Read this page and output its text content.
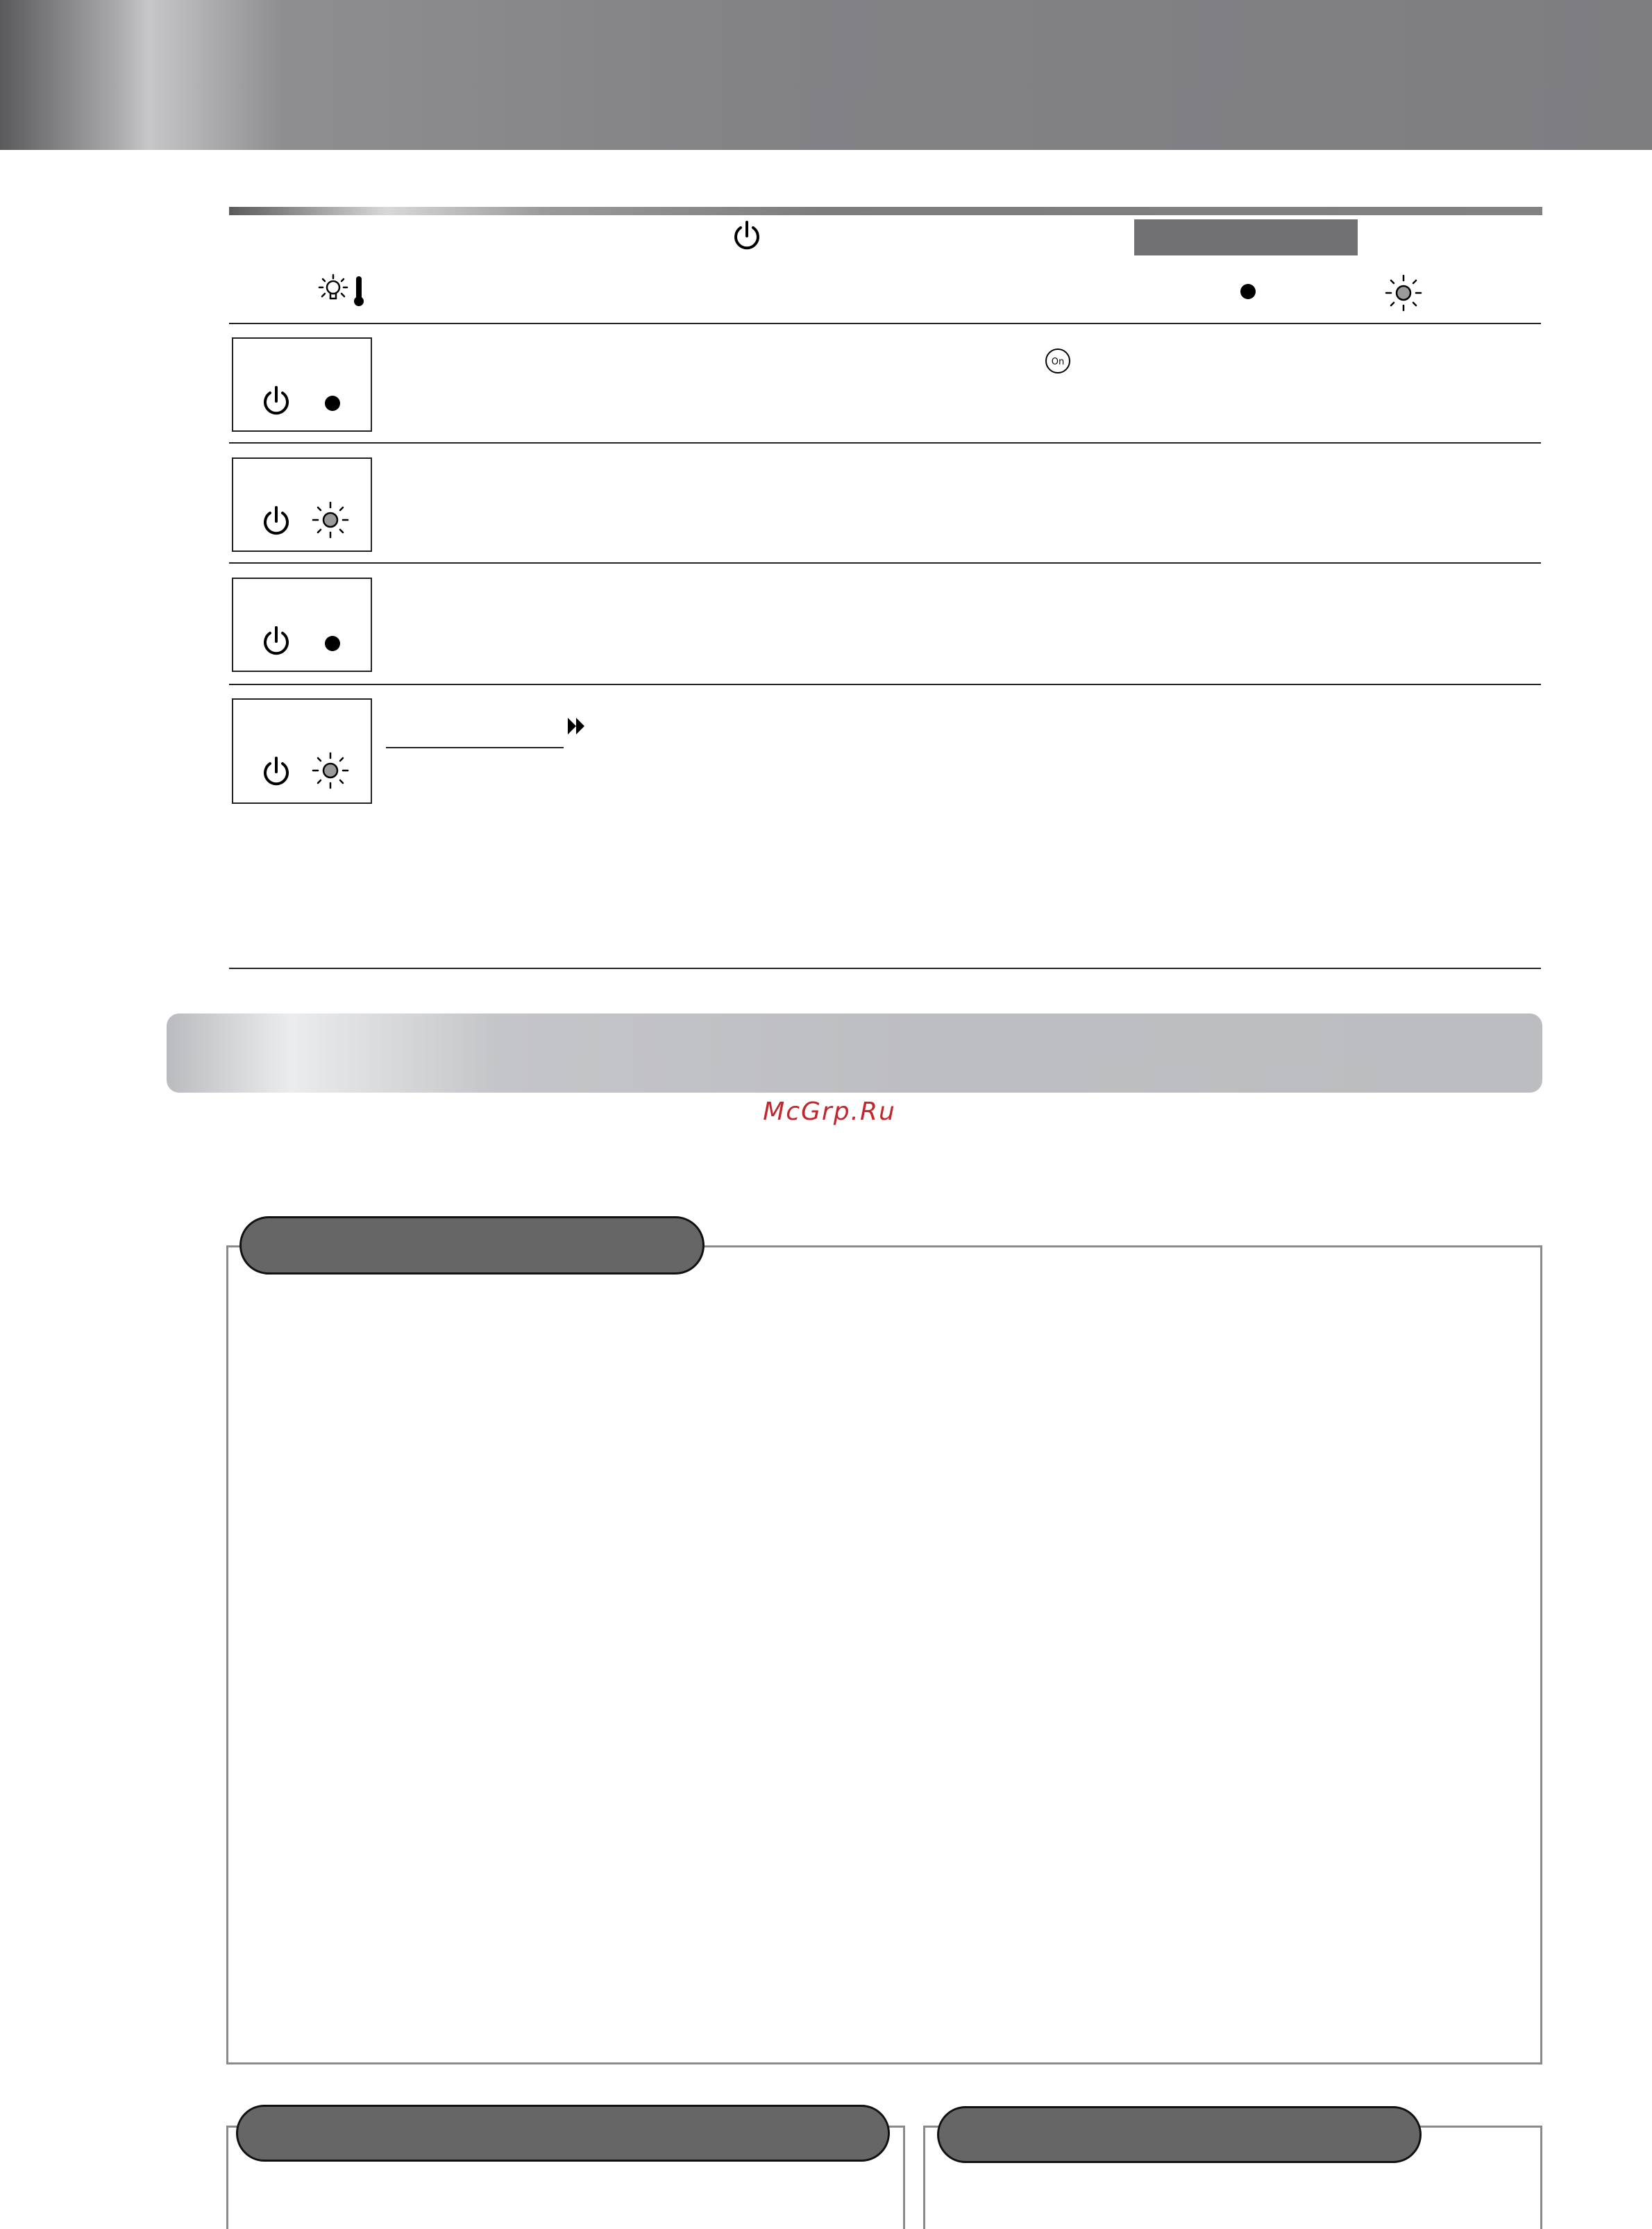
On
McGrp.Ru
